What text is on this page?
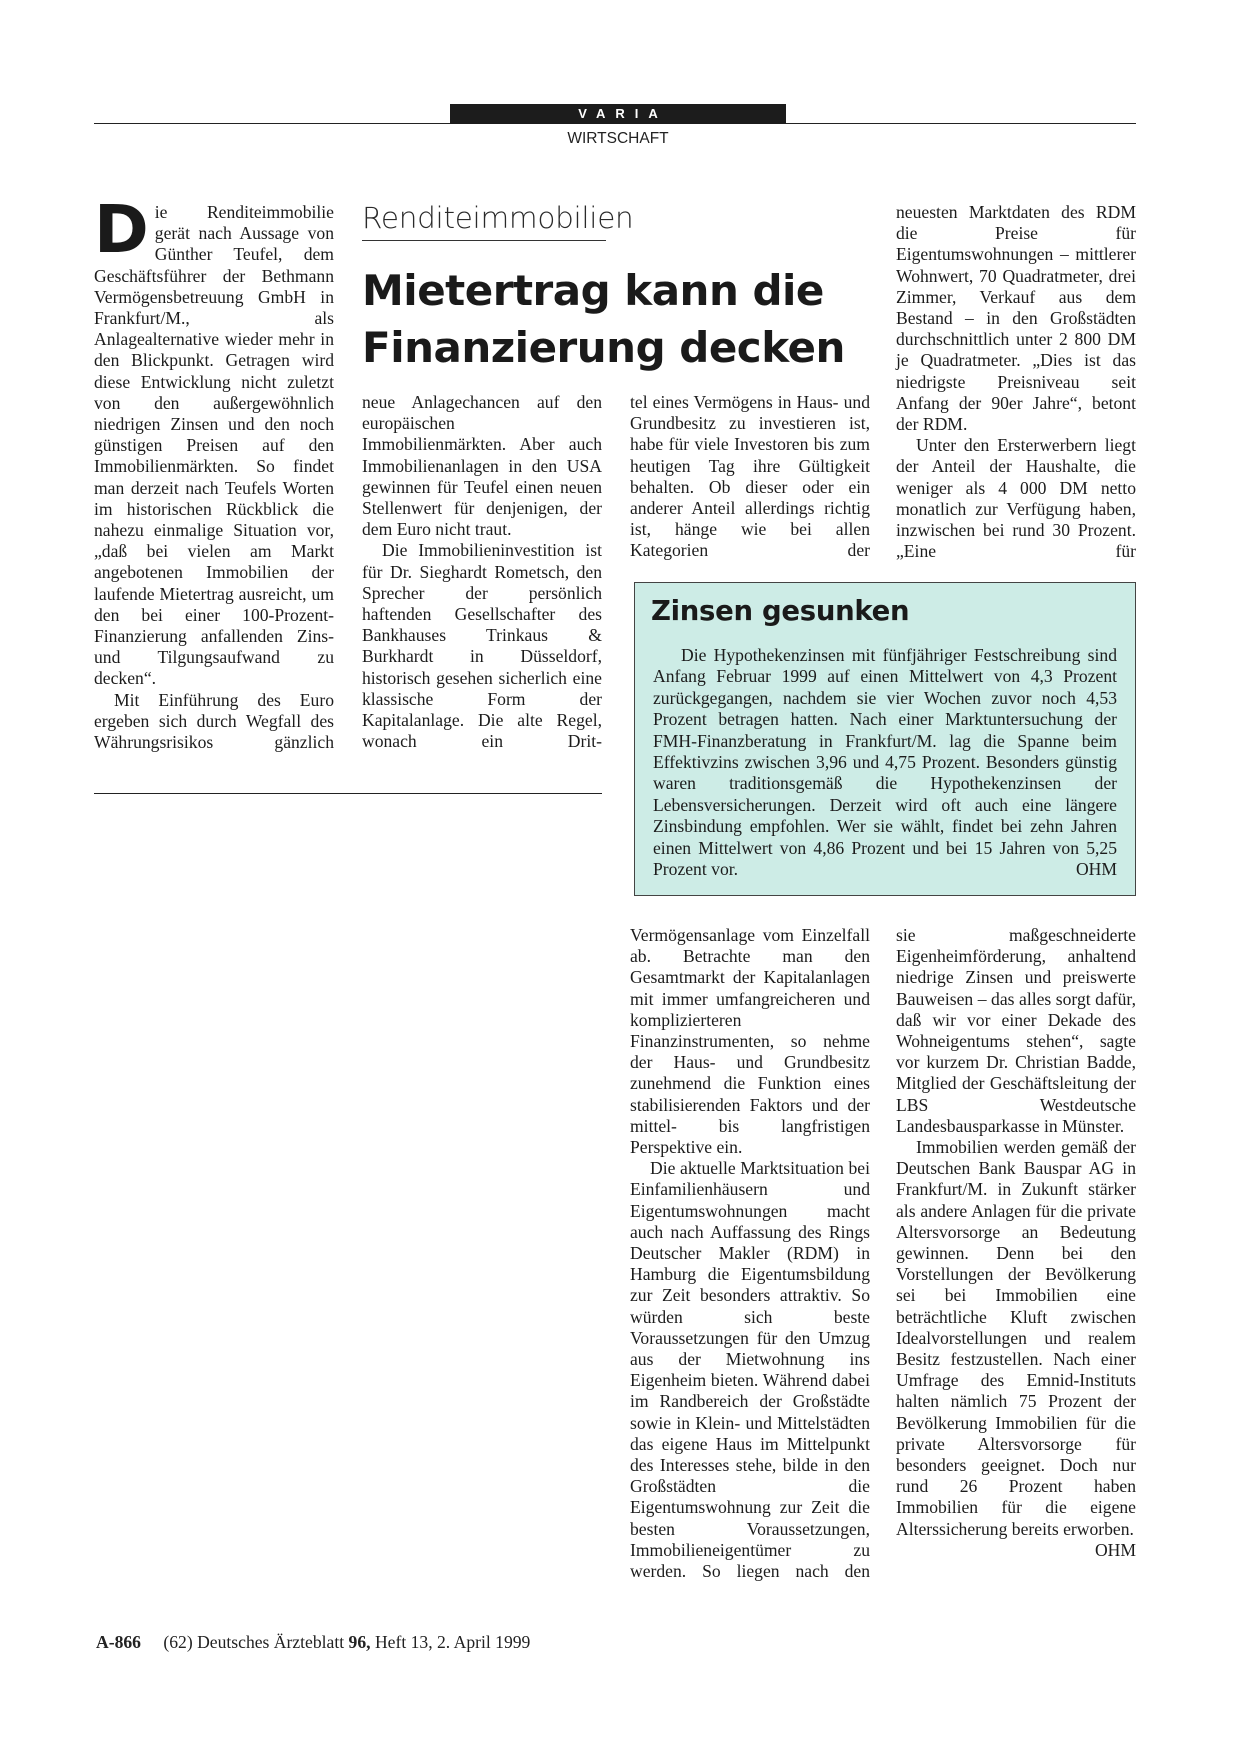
VARIA
WIRTSCHAFT
Renditeimmobilien
Mietertrag kann die
Finanzierung decken

Die Renditeimmobilie gerät nach Aussage von Günther Teufel, dem Geschäftsführer der Bethmann Vermögensbetreuung GmbH in Frankfurt/M., als Anlagealternative wieder mehr in den Blickpunkt. Getragen wird diese Entwicklung nicht zuletzt von den außergewöhnlich niedrigen Zinsen und den noch günstigen Preisen auf den Immobilienmärkten. So findet man derzeit nach Teufels Worten im historischen Rückblick die nahezu einmalige Situation vor, „daß bei vielen am Markt angebotenen Immobilien der laufende Mietertrag ausreicht, um den bei einer 100-Prozent-Finanzierung anfallenden Zins- und Tilgungsaufwand zu decken“.

Mit Einführung des Euro ergeben sich durch Wegfall des Währungsrisikos gänzlich

neue Anlagechancen auf den europäischen Immobilienmärkten. Aber auch Immobilienanlagen in den USA gewinnen für Teufel einen neuen Stellenwert für denjenigen, der dem Euro nicht traut.

Die Immobilieninvestition ist für Dr. Sieghardt Rometsch, den Sprecher der persönlich haftenden Gesellschafter des Bankhauses Trinkaus & Burkhardt in Düsseldorf, historisch gesehen sicherlich eine klassische Form der Kapitalanlage. Die alte Regel, wonach ein Drit-

tel eines Vermögens in Haus- und Grundbesitz zu investieren ist, habe für viele Investoren bis zum heutigen Tag ihre Gültigkeit behalten. Ob dieser oder ein anderer Anteil allerdings richtig ist, hänge wie bei allen Kategorien der

neuesten Marktdaten des RDM die Preise für Eigentumswohnungen – mittlerer Wohnwert, 70 Quadratmeter, drei Zimmer, Verkauf aus dem Bestand – in den Großstädten durchschnittlich unter 2 800 DM je Quadratmeter. „Dies ist das niedrigste Preisniveau seit Anfang der 90er Jahre“, betont der RDM.

Unter den Ersterwerbern liegt der Anteil der Haushalte, die weniger als 4 000 DM netto monatlich zur Verfügung haben, inzwischen bei rund 30 Prozent. „Eine für

Zinsen gesunken

Die Hypothekenzinsen mit fünfjähriger Festschreibung sind Anfang Februar 1999 auf einen Mittelwert von 4,3 Prozent zurückgegangen, nachdem sie vier Wochen zuvor noch 4,53 Prozent betragen hatten. Nach einer Marktuntersuchung der FMH-Finanzberatung in Frankfurt/M. lag die Spanne beim Effektivzins zwischen 3,96 und 4,75 Prozent. Besonders günstig waren traditionsgemäß die Hypothekenzinsen der Lebensversicherungen. Derzeit wird oft auch eine längere Zinsbindung empfohlen. Wer sie wählt, findet bei zehn Jahren einen Mittelwert von 4,86 Prozent und bei 15 Jahren von 5,25 Prozent vor.	OHM

Vermögensanlage vom Einzelfall ab. Betrachte man den Gesamtmarkt der Kapitalanlagen mit immer umfangreicheren und komplizierteren Finanzinstrumenten, so nehme der Haus- und Grundbesitz zunehmend die Funktion eines stabilisierenden Faktors und der mittel- bis langfristigen Perspektive ein.

Die aktuelle Marktsituation bei Einfamilienhäusern und Eigentumswohnungen macht auch nach Auffassung des Rings Deutscher Makler (RDM) in Hamburg die Eigentumsbildung zur Zeit besonders attraktiv. So würden sich beste Voraussetzungen für den Umzug aus der Mietwohnung ins Eigenheim bieten. Während dabei im Randbereich der Großstädte sowie in Klein- und Mittelstädten das eigene Haus im Mittelpunkt des Interesses stehe, bilde in den Großstädten die Eigentumswohnung zur Zeit die besten Voraussetzungen, Immobilieneigentümer zu werden. So liegen nach den

sie maßgeschneiderte Eigenheimförderung, anhaltend niedrige Zinsen und preiswerte Bauweisen – das alles sorgt dafür, daß wir vor einer Dekade des Wohneigentums stehen“, sagte vor kurzem Dr. Christian Badde, Mitglied der Geschäftsleitung der LBS Westdeutsche Landesbausparkasse in Münster.

Immobilien werden gemäß der Deutschen Bank Bauspar AG in Frankfurt/M. in Zukunft stärker als andere Anlagen für die private Altersvorsorge an Bedeutung gewinnen. Denn bei den Vorstellungen der Bevölkerung sei bei Immobilien eine beträchtliche Kluft zwischen Idealvorstellungen und realem Besitz festzustellen. Nach einer Umfrage des Emnid-Instituts halten nämlich 75 Prozent der Bevölkerung Immobilien für die private Altersvorsorge für besonders geeignet. Doch nur rund 26 Prozent haben Immobilien für die eigene Alterssicherung bereits erworben.
OHM

A-866 (62) Deutsches Ärzteblatt 96, Heft 13, 2. April 1999
